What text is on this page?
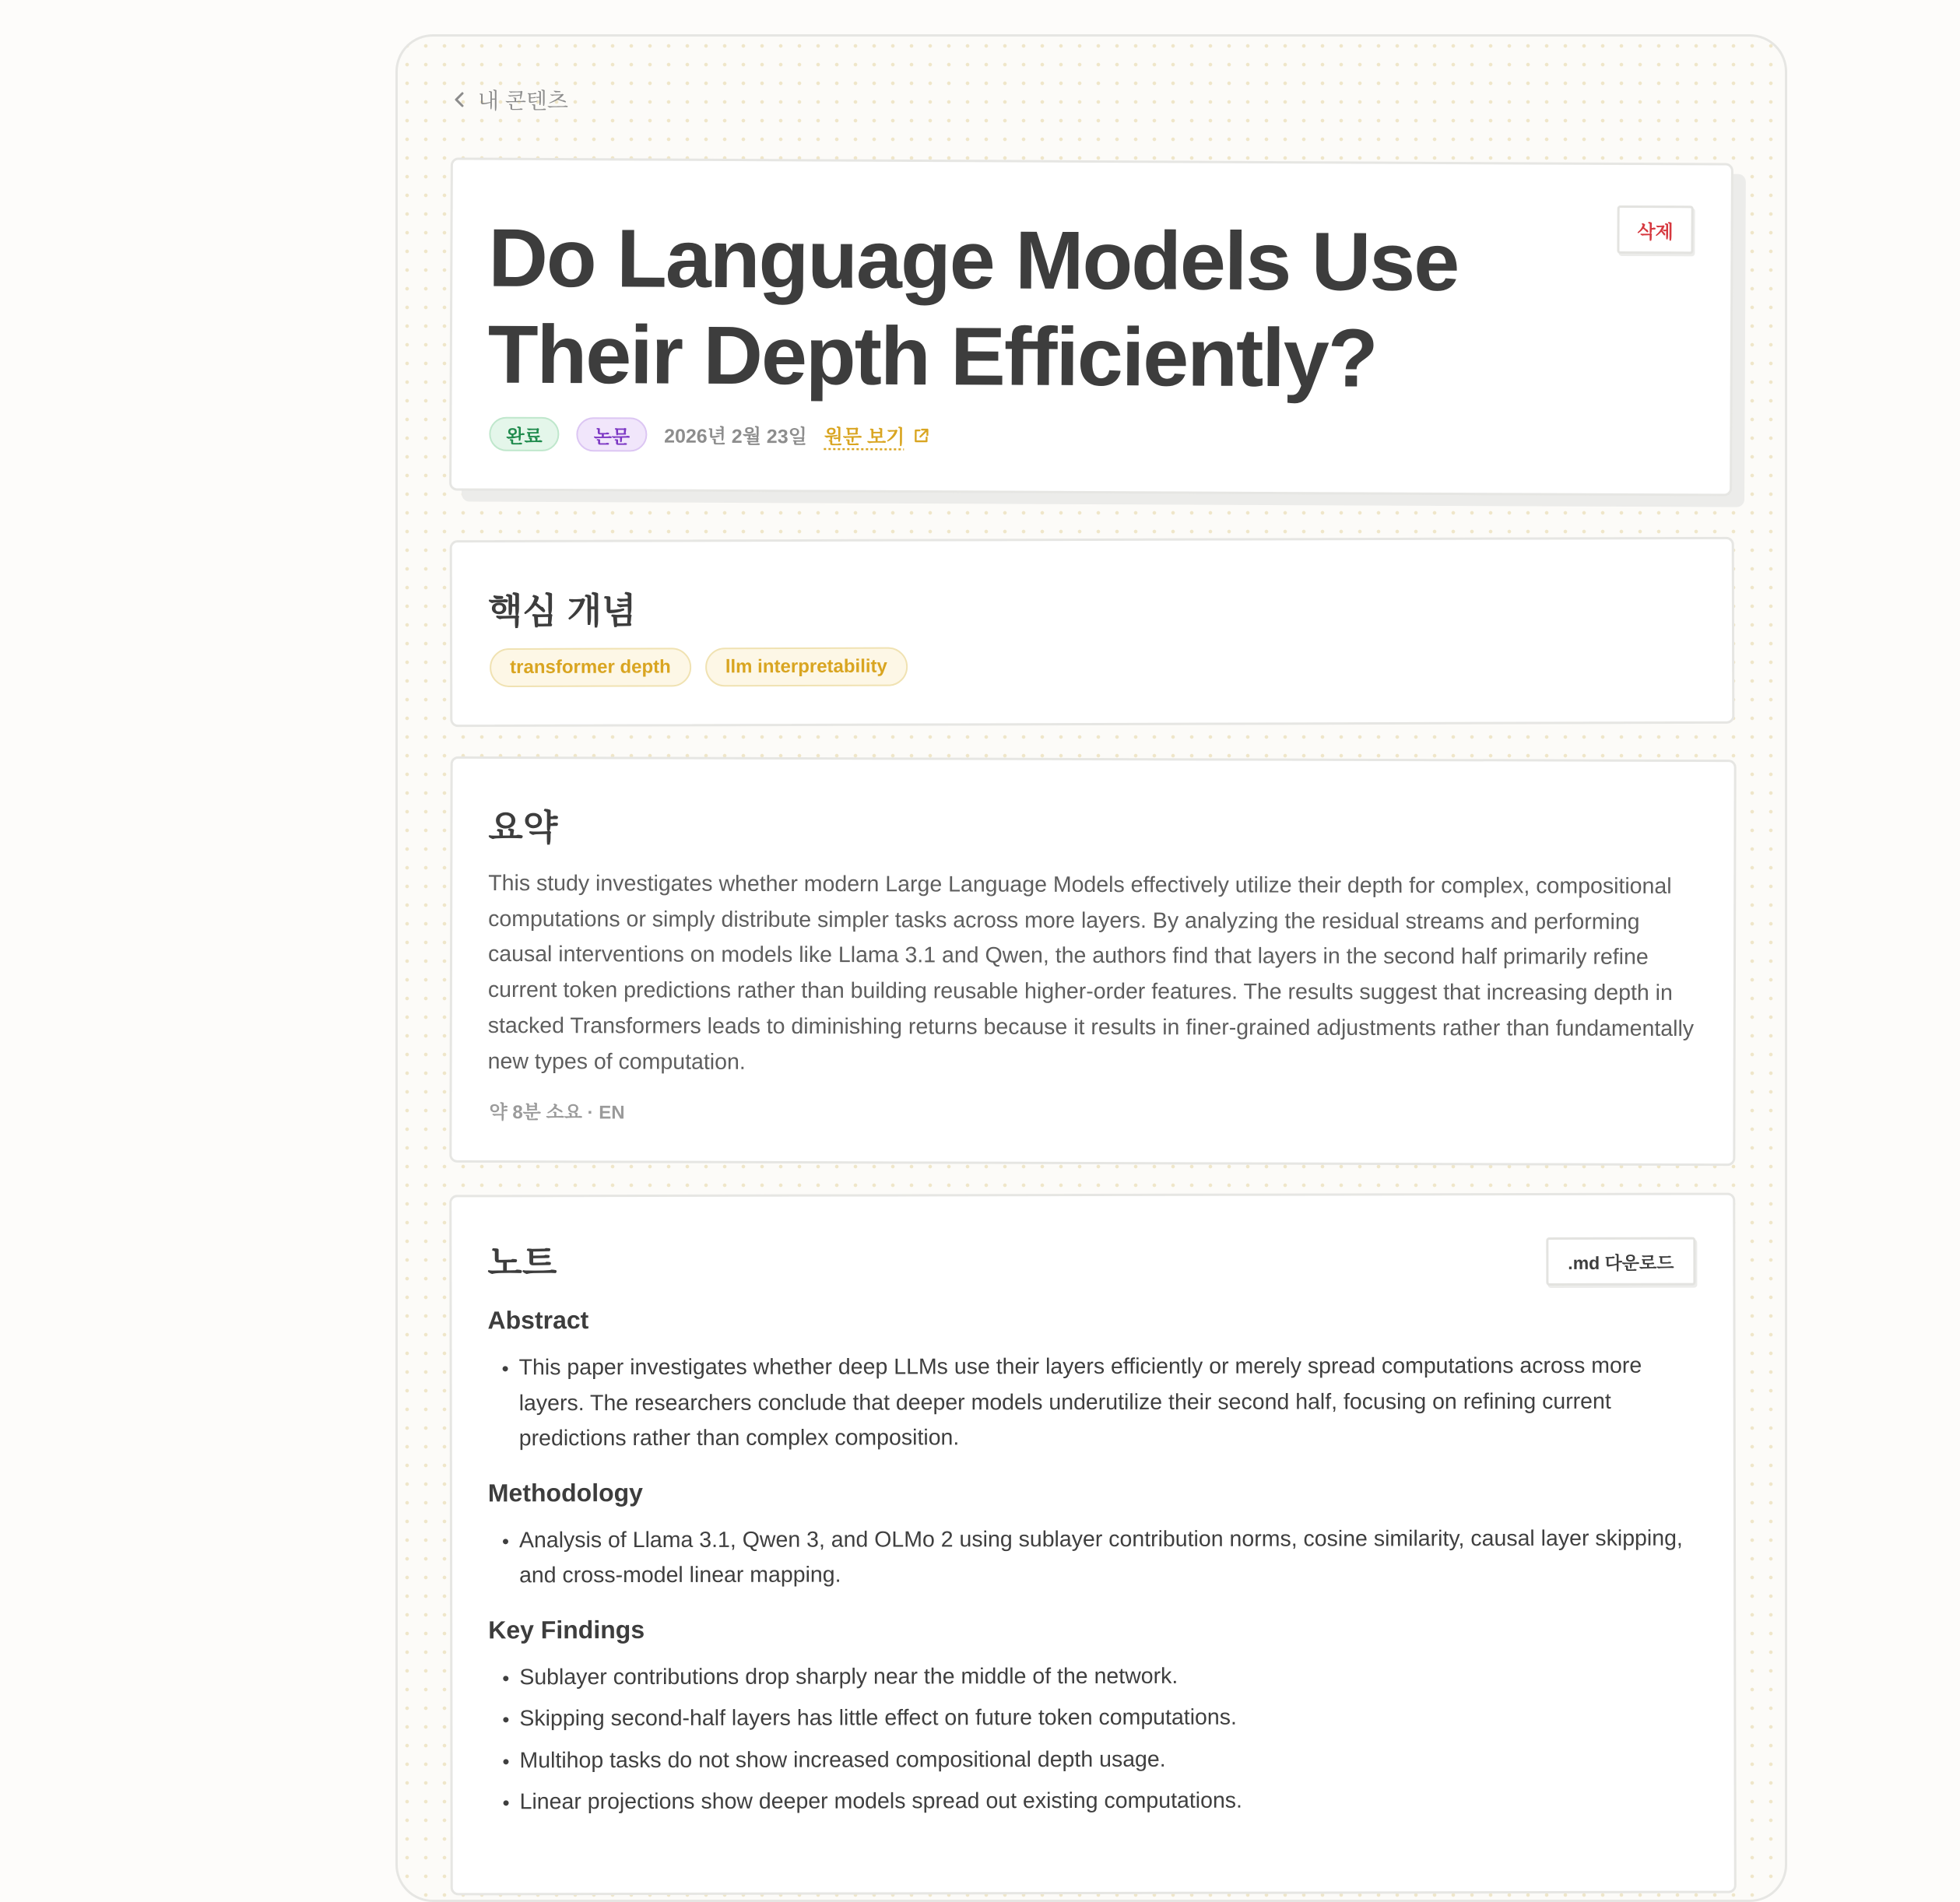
내 콘텐츠
Do Language Models Use Their Depth Efficiently?
삭제
완료	논문	2026년 2월 23일 원문 보기
핵심 개념
transformer depth	llm interpretability
요약

This study investigates whether modern Large Language Models effectively utilize their depth for complex, compositional computations or simply distribute simpler tasks across more layers. By analyzing the residual streams and performing causal interventions on models like Llama 3.1 and Qwen, the authors find that layers in the second half primarily refine current token predictions rather than building reusable higher-order features. The results suggest that increasing depth in stacked Transformers leads to diminishing returns because it results in finer-grained adjustments rather than fundamentally new types of computation.

약 8분 소요 · EN
노트	.md 다운로드
Abstract
• This paper investigates whether deep LLMs use their layers efficiently or merely spread computations across more layers. The researchers conclude that deeper models underutilize their second half, focusing on refining current predictions rather than complex composition.
Methodology
• Analysis of Llama 3.1, Qwen 3, and OLMo 2 using sublayer contribution norms, cosine similarity, causal layer skipping, and cross-model linear mapping.
Key Findings
• Sublayer contributions drop sharply near the middle of the network.
• Skipping second-half layers has little effect on future token computations.
• Multihop tasks do not show increased compositional depth usage.
• Linear projections show deeper models spread out existing computations.
